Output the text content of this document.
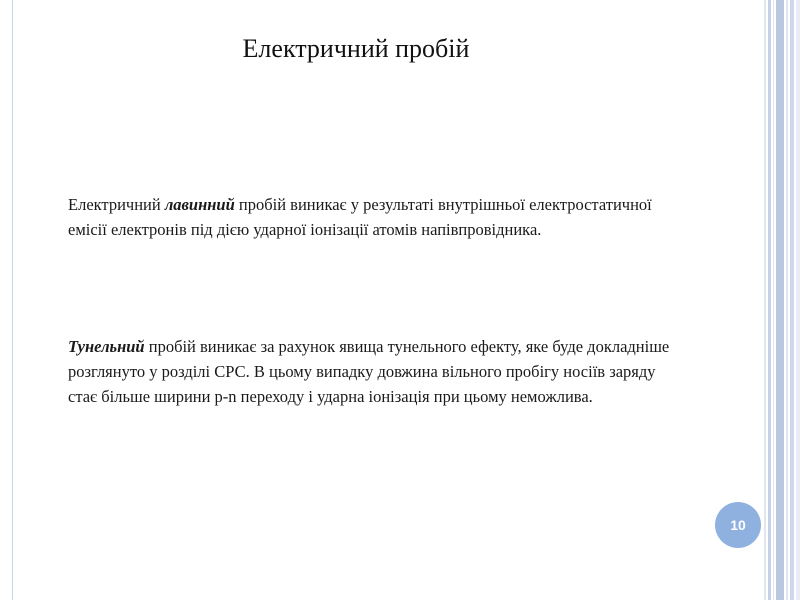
Електричний пробій

Електричний лавинний пробій виникає у результаті внутрішньої електростатичної емісії електронів під дією ударної іонізації атомів напівпровідника.

Тунельний пробій виникає за рахунок явища тунельного ефекту, яке буде докладніше розглянуто у розділі СРС. В цьому випадку довжина вільного пробігу носіїв заряду стає більше ширини p-n переходу і ударна іонізація при цьому неможлива.

10
